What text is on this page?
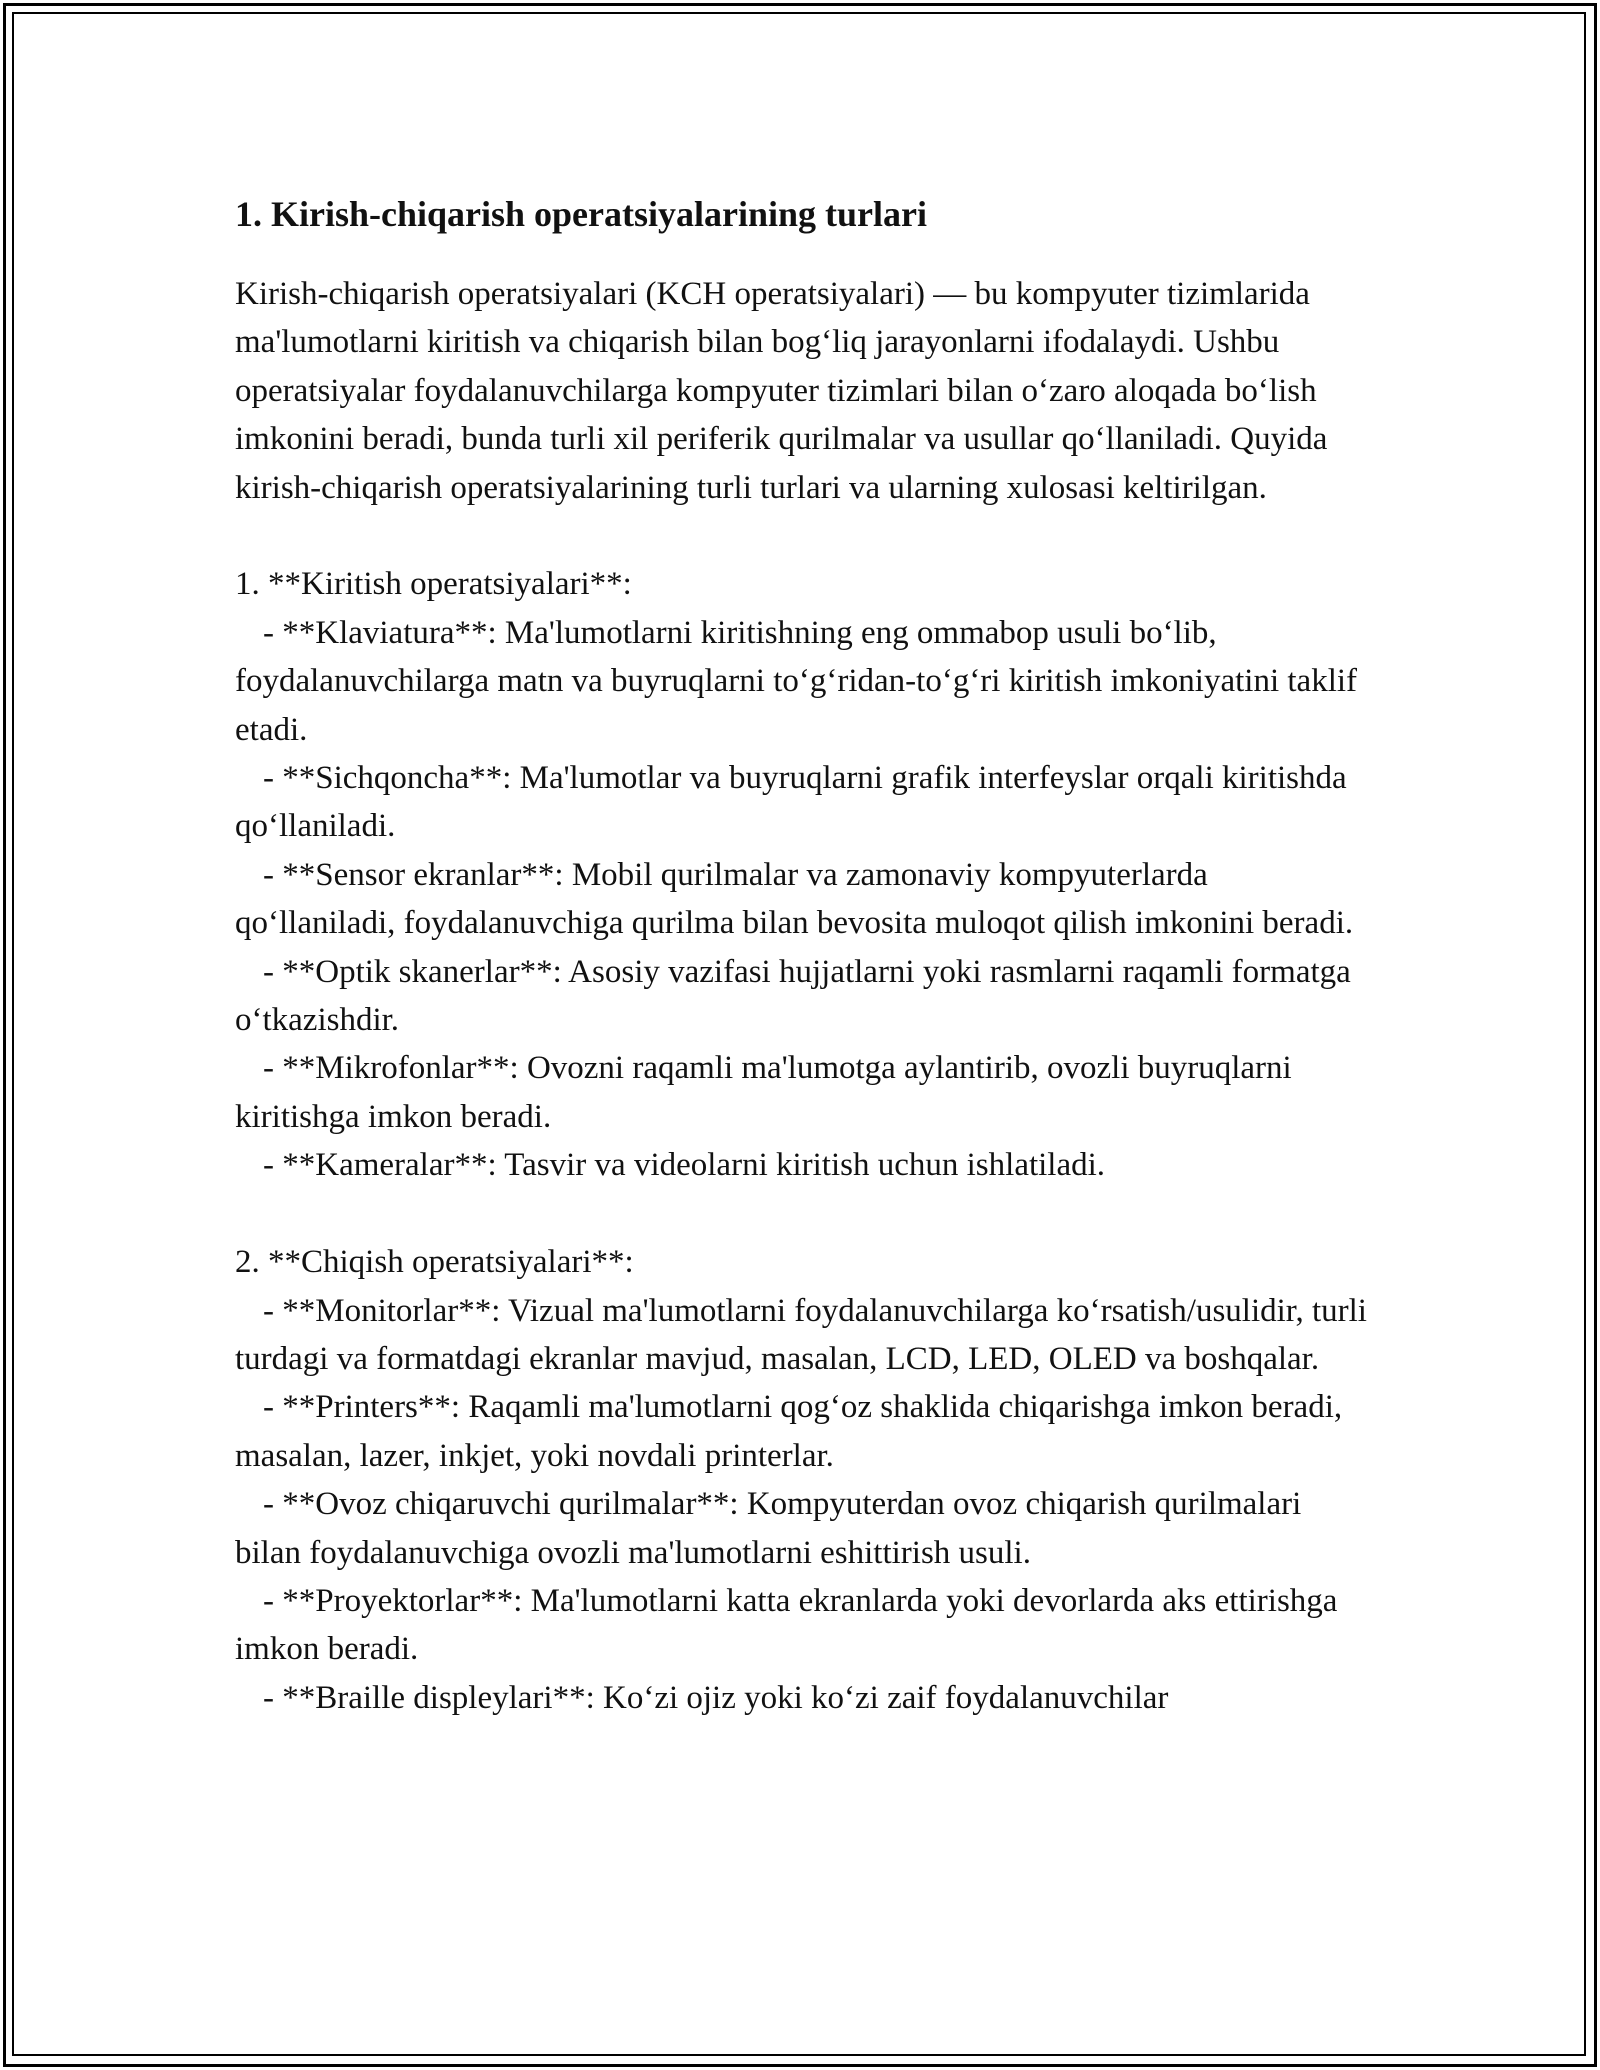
1. Kirish-chiqarish operatsiyalarining turlari

Kirish-chiqarish operatsiyalari (KCH operatsiyalari) — bu kompyuter tizimlarida ma'lumotlarni kiritish va chiqarish bilan bog‘liq jarayonlarni ifodalaydi. Ushbu operatsiyalar foydalanuvchilarga kompyuter tizimlari bilan o‘zaro aloqada bo‘lish imkonini beradi, bunda turli xil periferik qurilmalar va usullar qo‘llaniladi. Quyida kirish-chiqarish operatsiyalarining turli turlari va ularning xulosasi keltirilgan.

1. **Kiritish operatsiyalari**:

- **Klaviatura**: Ma'lumotlarni kiritishning eng ommabop usuli bo‘lib, foydalanuvchilarga matn va buyruqlarni to‘g‘ridan-to‘g‘ri kiritish imkoniyatini taklif etadi.

- **Sichqoncha**: Ma'lumotlar va buyruqlarni grafik interfeyslar orqali kiritishda qo‘llaniladi.

- **Sensor ekranlar**: Mobil qurilmalar va zamonaviy kompyuterlarda qo‘llaniladi, foydalanuvchiga qurilma bilan bevosita muloqot qilish imkonini beradi.

- **Optik skanerlar**: Asosiy vazifasi hujjatlarni yoki rasmlarni raqamli formatga o‘tkazishdir.

- **Mikrofonlar**: Ovozni raqamli ma'lumotga aylantirib, ovozli buyruqlarni kiritishga imkon beradi.

- **Kameralar**: Tasvir va videolarni kiritish uchun ishlatiladi.

2. **Chiqish operatsiyalari**:

- **Monitorlar**: Vizual ma'lumotlarni foydalanuvchilarga ko‘rsatish/usulidir, turli turdagi va formatdagi ekranlar mavjud, masalan, LCD, LED, OLED va boshqalar.

- **Printers**: Raqamli ma'lumotlarni qog‘oz shaklida chiqarishga imkon beradi, masalan, lazer, inkjet, yoki novdali printerlar.

- **Ovoz chiqaruvchi qurilmalar**: Kompyuterdan ovoz chiqarish qurilmalari bilan foydalanuvchiga ovozli ma'lumotlarni eshittirish usuli.

- **Proyektorlar**: Ma'lumotlarni katta ekranlarda yoki devorlarda aks ettirishga imkon beradi.

- **Braille displeylari**: Ko‘zi ojiz yoki ko‘zi zaif foydalanuvchilar
